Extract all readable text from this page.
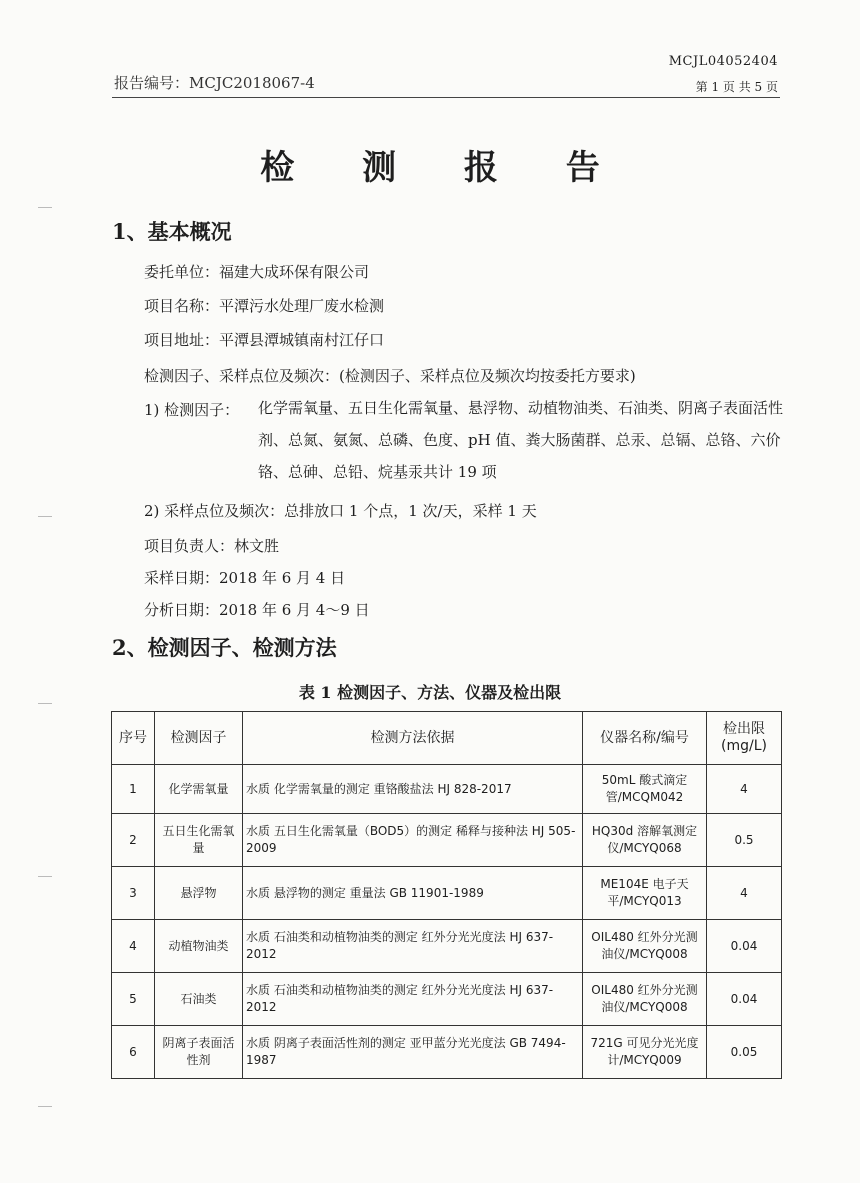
MCJL04052404
第 1 页 共 5 页
报告编号：MCJC2018067-4
检 测 报 告
1、基本概况
委托单位：福建大成环保有限公司
项目名称：平潭污水处理厂废水检测
项目地址：平潭县潭城镇南村江仔口
检测因子、采样点位及频次：(检测因子、采样点位及频次均按委托方要求)
1) 检测因子： 化学需氧量、五日生化需氧量、悬浮物、动植物油类、石油类、阴离子表面活性剂、总氮、氨氮、总磷、色度、pH 值、粪大肠菌群、总汞、总镉、总铬、六价铬、总砷、总铅、烷基汞共计 19 项
2) 采样点位及频次：总排放口 1 个点，1 次/天，采样 1 天
项目负责人：林文胜
采样日期：2018 年 6 月 4 日
分析日期：2018 年 6 月 4～9 日
2、检测因子、检测方法
表 1 检测因子、方法、仪器及检出限
序号	检测因子	检测方法依据	仪器名称/编号	检出限
(mg/L)

1	化学需氧量	水质 化学需氧量的测定 重铬酸盐法 HJ 828-2017	50mL 酸式滴定管/MCQM042	4
2	五日生化需氧量	水质 五日生化需氧量（BOD5）的测定 稀释与接种法 HJ 505-2009	HQ30d 溶解氧测定仪/MCYQ068	0.5
3	悬浮物	水质 悬浮物的测定 重量法 GB 11901-1989	ME104E 电子天平/MCYQ013	4
4	动植物油类	水质 石油类和动植物油类的测定 红外分光光度法 HJ 637-2012	OIL480 红外分光测油仪/MCYQ008	0.04
5	石油类	水质 石油类和动植物油类的测定 红外分光光度法 HJ 637-2012	OIL480 红外分光测油仪/MCYQ008	0.04
6	阴离子表面活性剂	水质 阴离子表面活性剂的测定 亚甲蓝分光光度法 GB 7494-1987	721G 可见分光光度计/MCYQ009	0.05
